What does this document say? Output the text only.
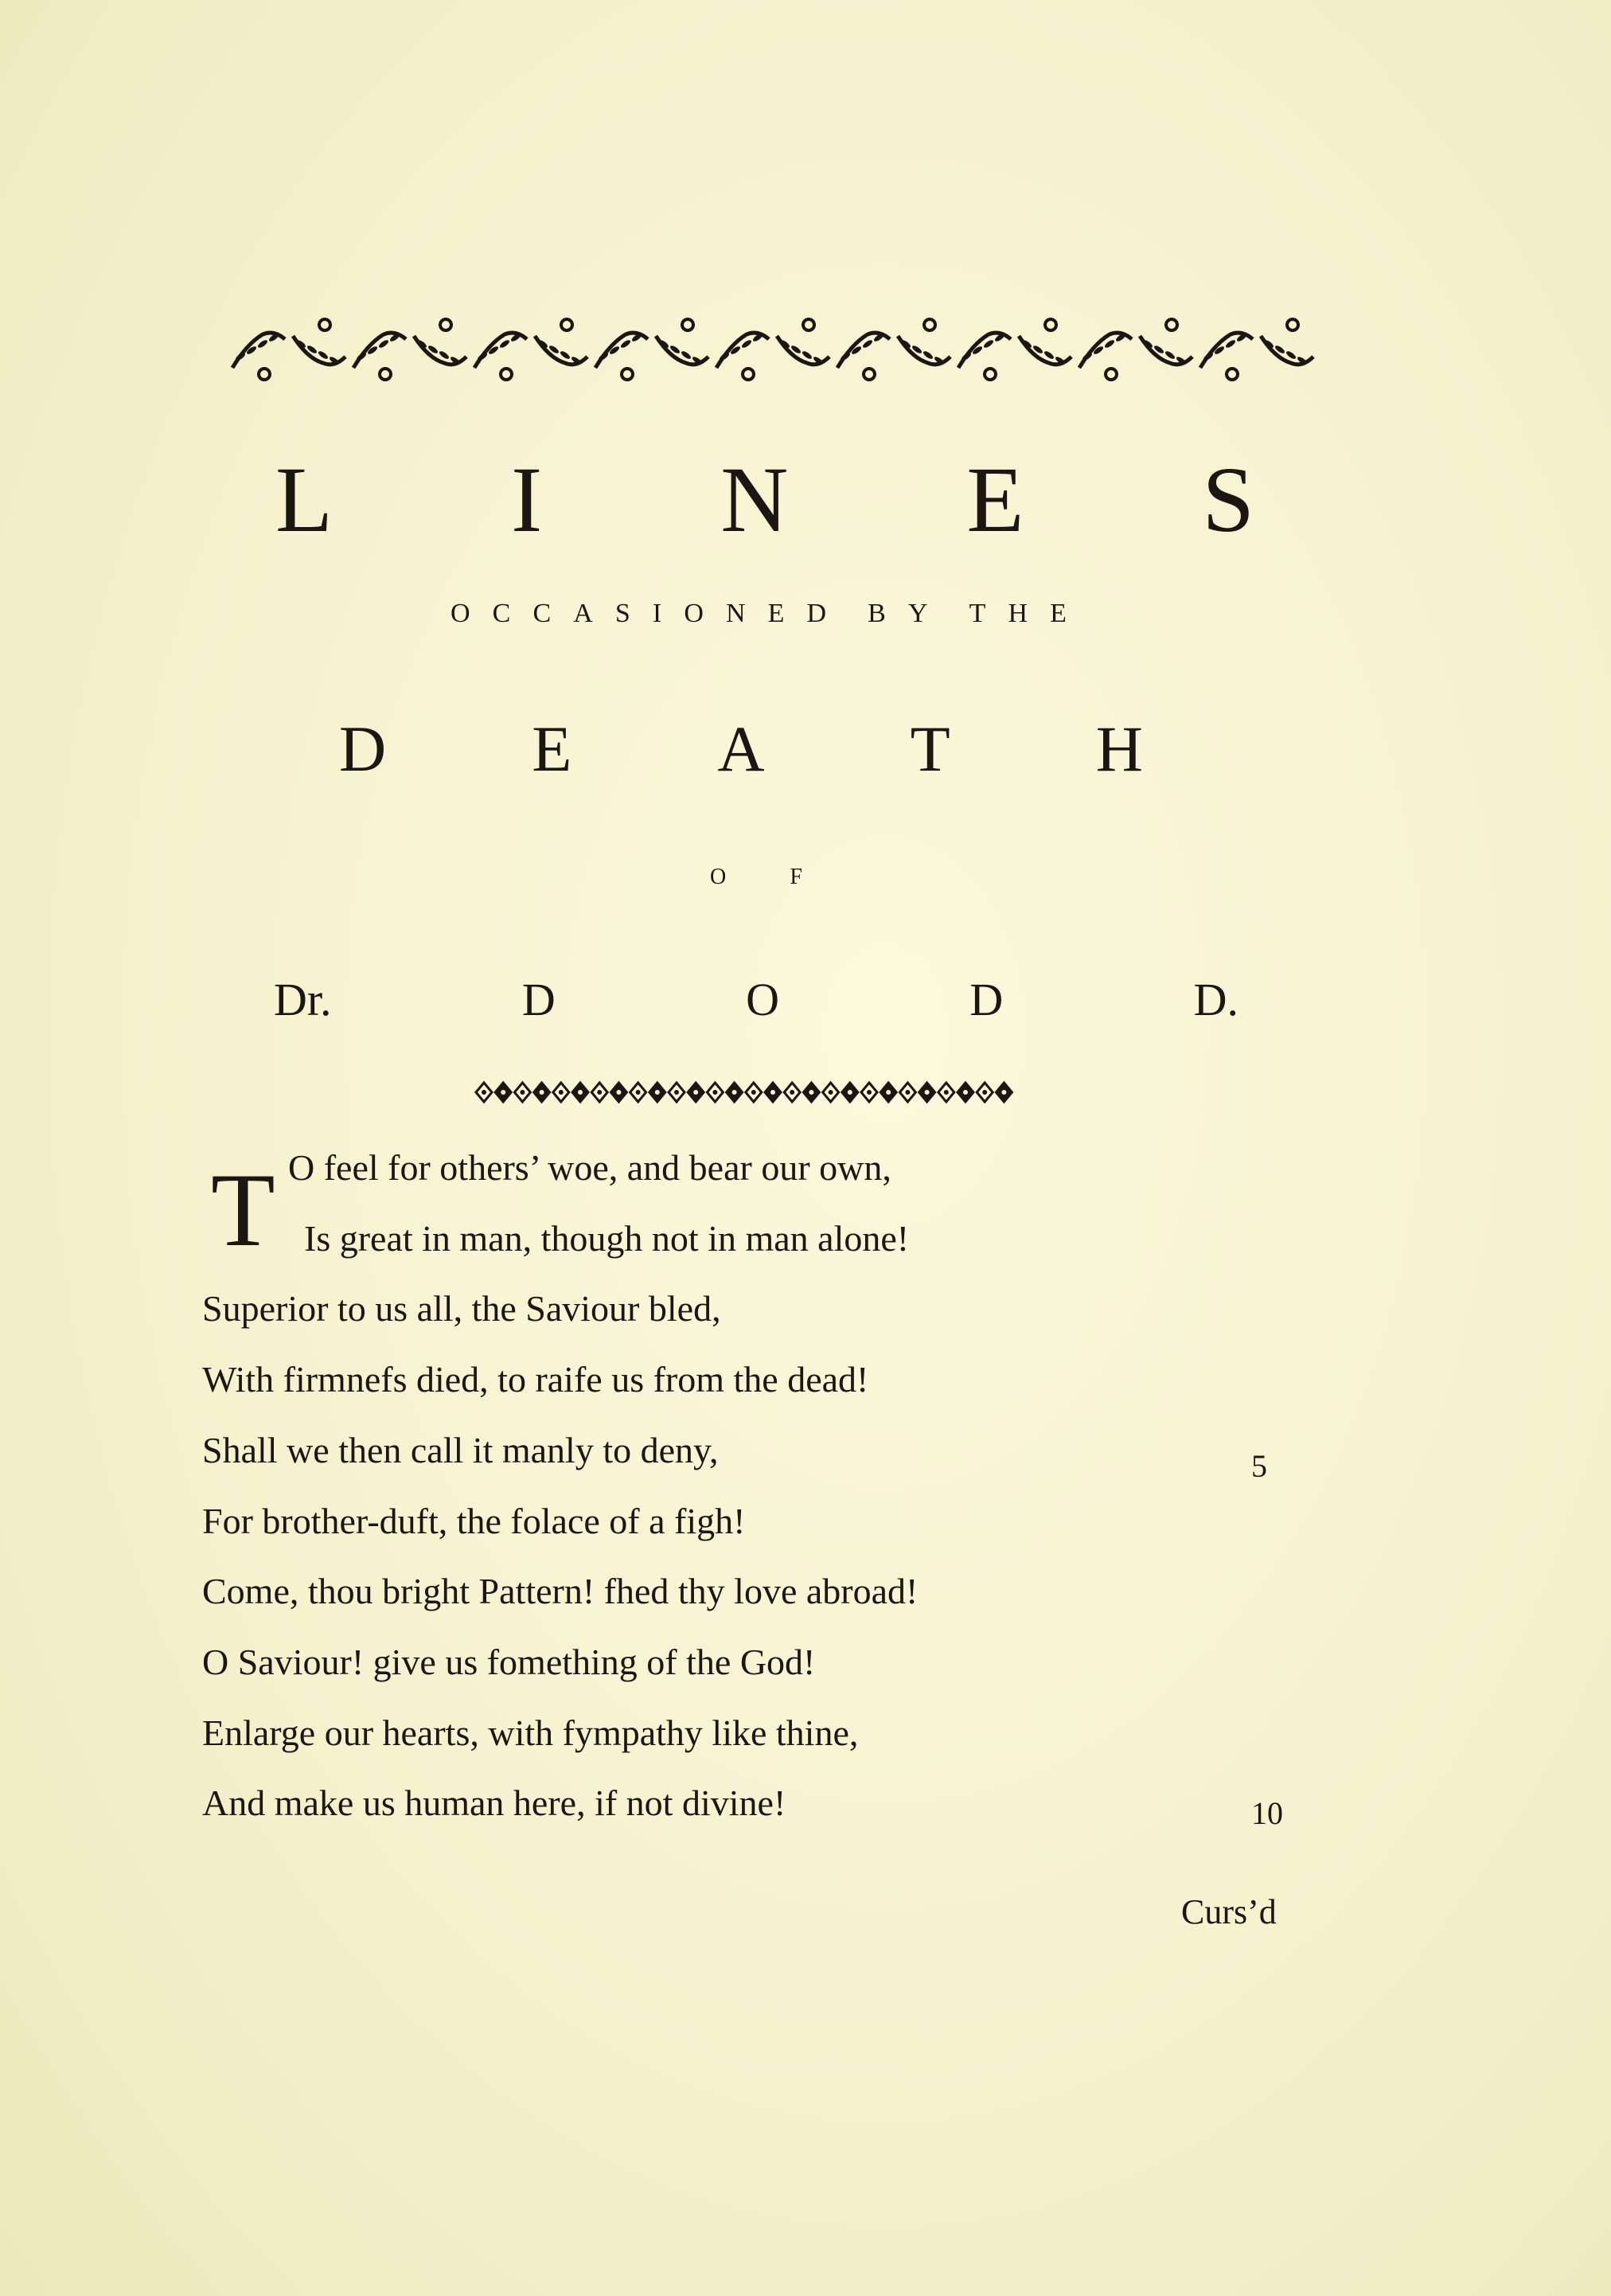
L I N E S
O C C A S I O N E D B Y T H E
D E A T H
O	F
Dr.	D	O	D	D.
T O feel for others’ woe, and bear our own,
Is great in man, though not in man alone!
Superior to us all, the Saviour bled,
With firmnefs died, to raife us from the dead!
Shall we then call it manly to deny,
For brother-duft, the folace of a figh!
Come, thou bright Pattern! fhed thy love abroad!
O Saviour! give us fomething of the God!
Enlarge our hearts, with fympathy like thine,
And make us human here, if not divine!
5
10
Curs’d
